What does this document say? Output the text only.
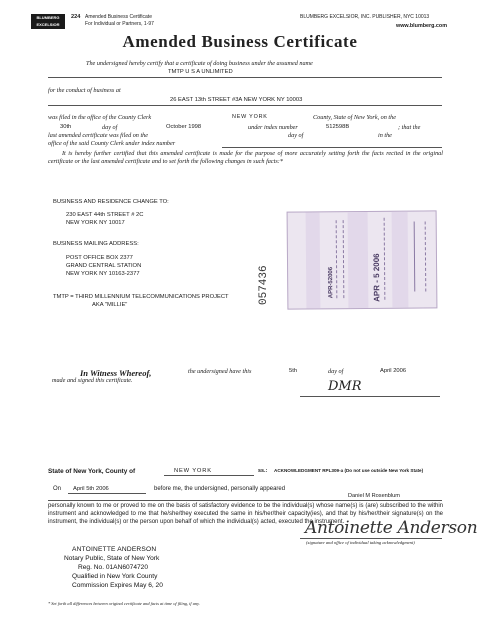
BLUMBERG
EXCELSIOR
224 Amended Business Certificate
For Individual or Partners, 1-97
BLUMBERG EXCELSIOR, INC. PUBLISHER, NYC 10013
www.blumberg.com
Amended Business Certificate
The undersigned hereby certify that a certificate of doing business under the assumed name
TMTP U S A UNLIMITED
for the conduct of business at
26 EAST 13th STREET #3A NEW YORK NY 10003
was filed in the office of the County Clerk	NEW YORK	County, State of New York, on the
30th	day of	October 1998	under index number	512598B	; that the
last amended certificate was filed on the	day of	in the
office of the said County Clerk under index number
It is hereby further certified that this amended certificate is made for the purpose of more accurately setting forth the facts recited in the original certificate or the last amended certificate and to set forth the following changes in such facts:*
BUSINESS AND RESIDENCE CHANGE TO:
230 EAST 44th STREET # 2C
NEW YORK NY 10017
BUSINESS MAILING ADDRESS:
POST OFFICE BOX 2377
GRAND CENTRAL STATION
NEW YORK NY 10163-2377
TMTP = THIRD MILLENNIUM TELECOMMUNICATIONS PROJECT
AKA "MILLIE"	057436	APR-52006	APR - 5 2006
In Witness Whereof,	the undersigned have this	5th	day of	April 2006
made and signed this certificate.	DMR
State of New York, County of	NEW YORK	ss.: ACKNOWLEDGMENT RPL309-a (Do not use outside New York State)
On April 5th 2006	before me, the undersigned, personally appeared
Daniel M Rosenblum
personally known to me or proved to me on the basis of satisfactory evidence to be the individual(s) whose name(s) is (are) subscribed to the within instrument and acknowledged to me that he/she/they executed the same in his/her/their capacity(ies), and that by his/her/their signature(s) on the instrument, the individual(s) or the person upon behalf of which the individual(s) acted, executed the instrument.
Antoinette Anderson
(signature and office of individual taking acknowledgment)
ANTOINETTE ANDERSON
Notary Public, State of New York
Reg. No. 01AN6074720
Qualified in New York County
Commission Expires May 6, 20
* Set forth all differences between original certificate and facts at time of filing, if any.
